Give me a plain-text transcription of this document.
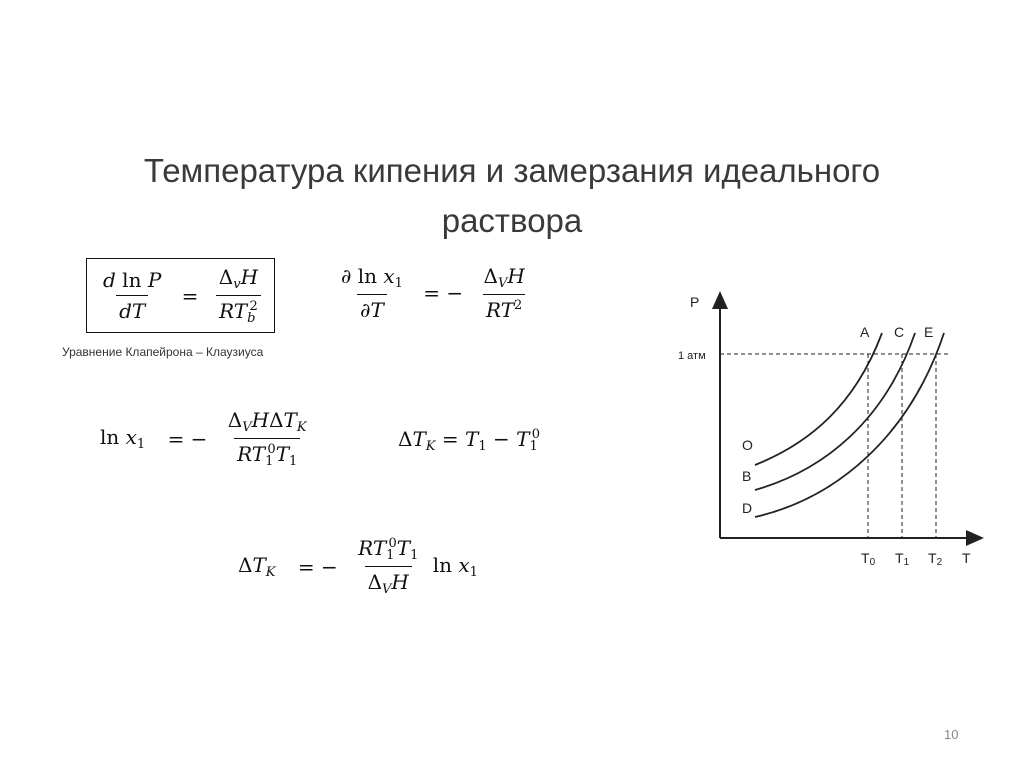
Температура кипения и замерзания идеального
раствора
$\frac{\text{d ln P}}{dT} = \frac{\Delta_vH}{RT_b^2}$
Уравнение Клапейрона – Клаузиуса
$\frac{\partial \ln x_1}{\partial T}$ = − $\frac{\Delta_VH}{RT^2}$
$\ln x_1$ = − $\frac{\Delta_VH\Delta T_K}{RT_1^0T_1}$	$\Delta T_K = T_1 - T_1^0$
$\Delta T_K$ = − $\frac{RT_1^0T_1}{\Delta_VH}$ $\ln x_1$
P
T
1 атм
A C E
O
B
D
T0 T1 T2
10
